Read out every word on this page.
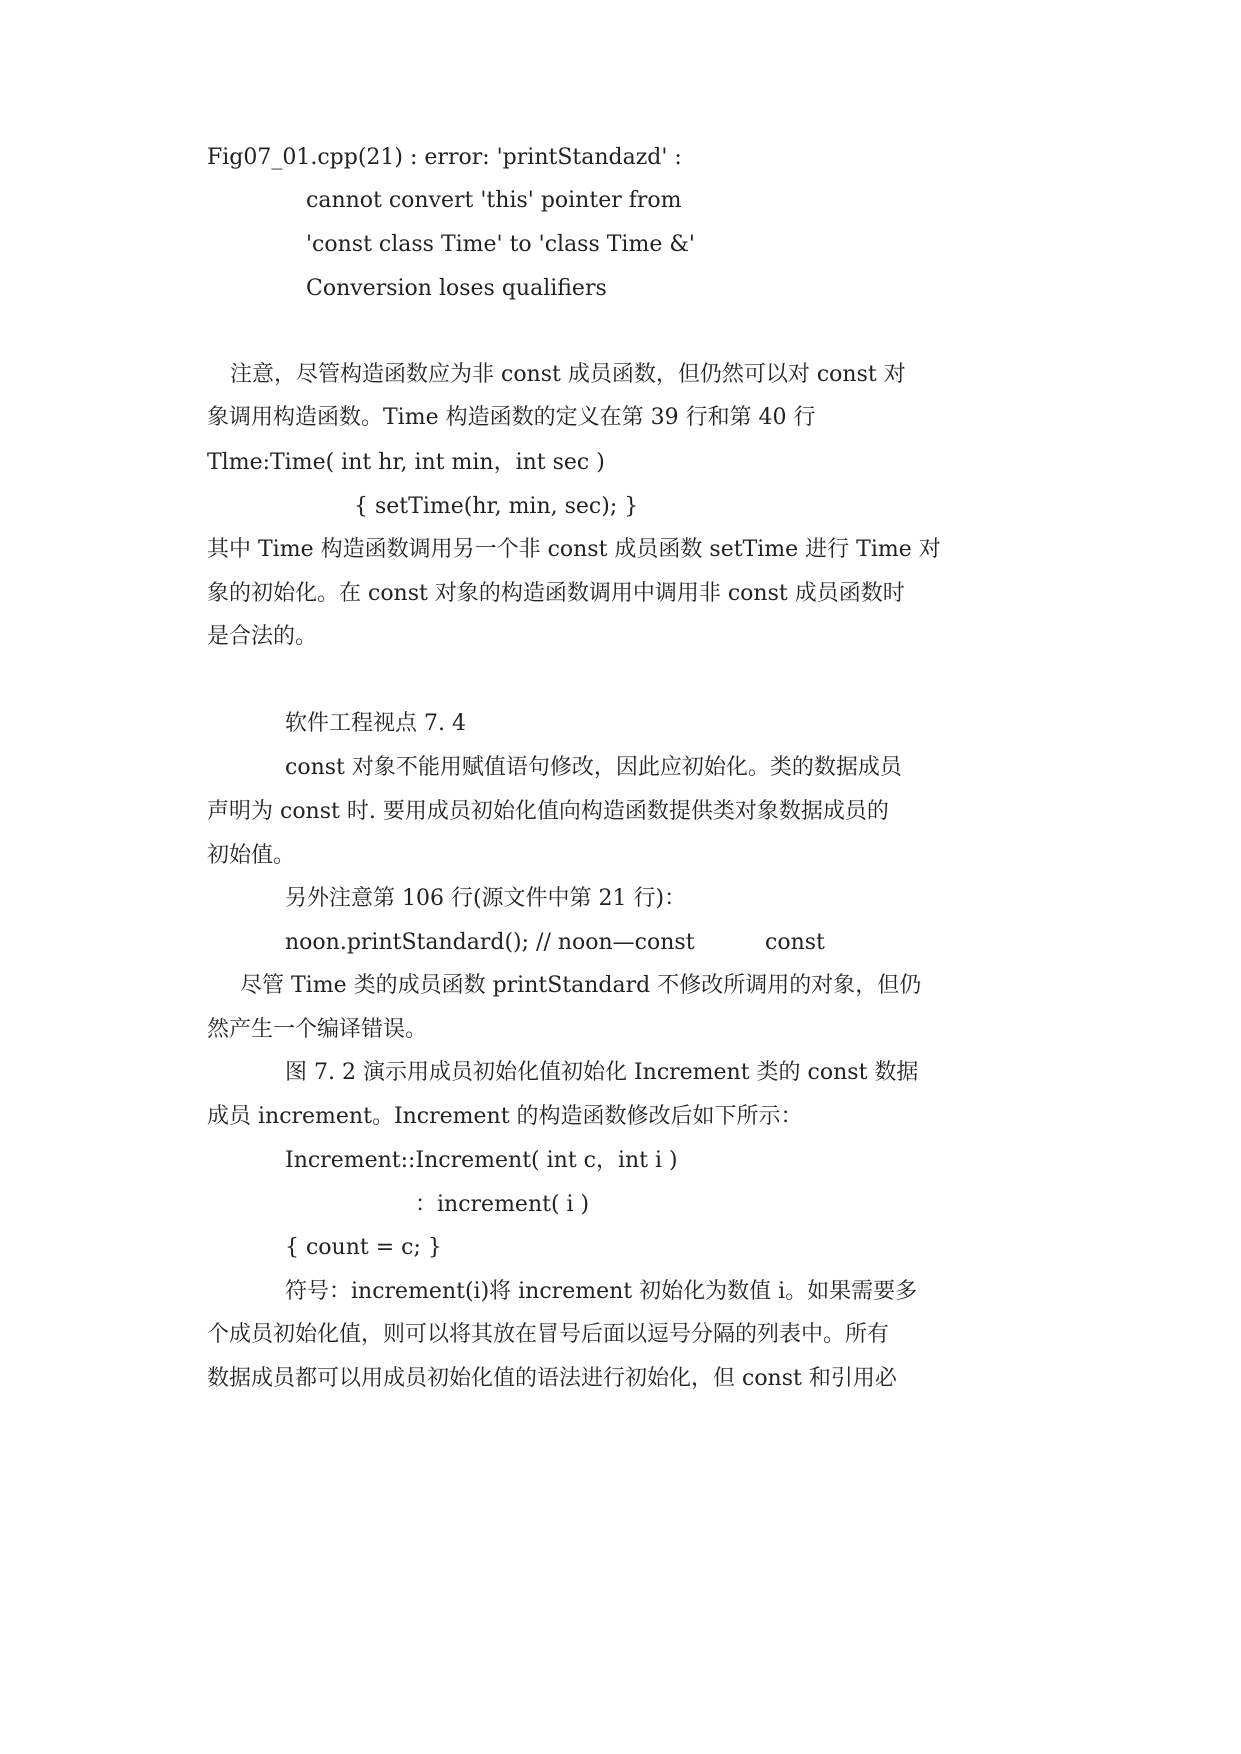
Fig07_01.cpp(21) : error: 'printStandazd' :

cannot convert 'this' pointer from

'const class Time' to 'class Time &'

Conversion loses qualifiers

注意，尽管构造函数应为非 const 成员函数，但仍然可以对 const 对

象调用构造函数。Time 构造函数的定义在第 39 行和第 40 行

Tlme:Time( int hr, int min，int sec )

{ setTime(hr, min, sec); }

其中 Time 构造函数调用另一个非 const 成员函数 setTime 进行 Time 对

象的初始化。在 const 对象的构造函数调用中调用非 const 成员函数时

是合法的。

软件工程视点 7. 4

const 对象不能用赋值语句修改，因此应初始化。类的数据成员

声明为 const 时. 要用成员初始化值向构造函数提供类对象数据成员的

初始值。

另外注意第 106 行(源文件中第 21 行)：

noon.printStandard(); // noon—const	const

尽管 Time 类的成员函数 printStandard 不修改所调用的对象，但仍

然产生一个编译错误。

图 7. 2 演示用成员初始化值初始化 Increment 类的 const 数据

成员 increment。Increment 的构造函数修改后如下所示：

Increment::Increment( int c，int i )

：increment( i )

{ count = c; }

符号：increment(i)将 increment 初始化为数值 i。如果需要多

个成员初始化值，则可以将其放在冒号后面以逗号分隔的列表中。所有

数据成员都可以用成员初始化值的语法进行初始化，但 const 和引用必
